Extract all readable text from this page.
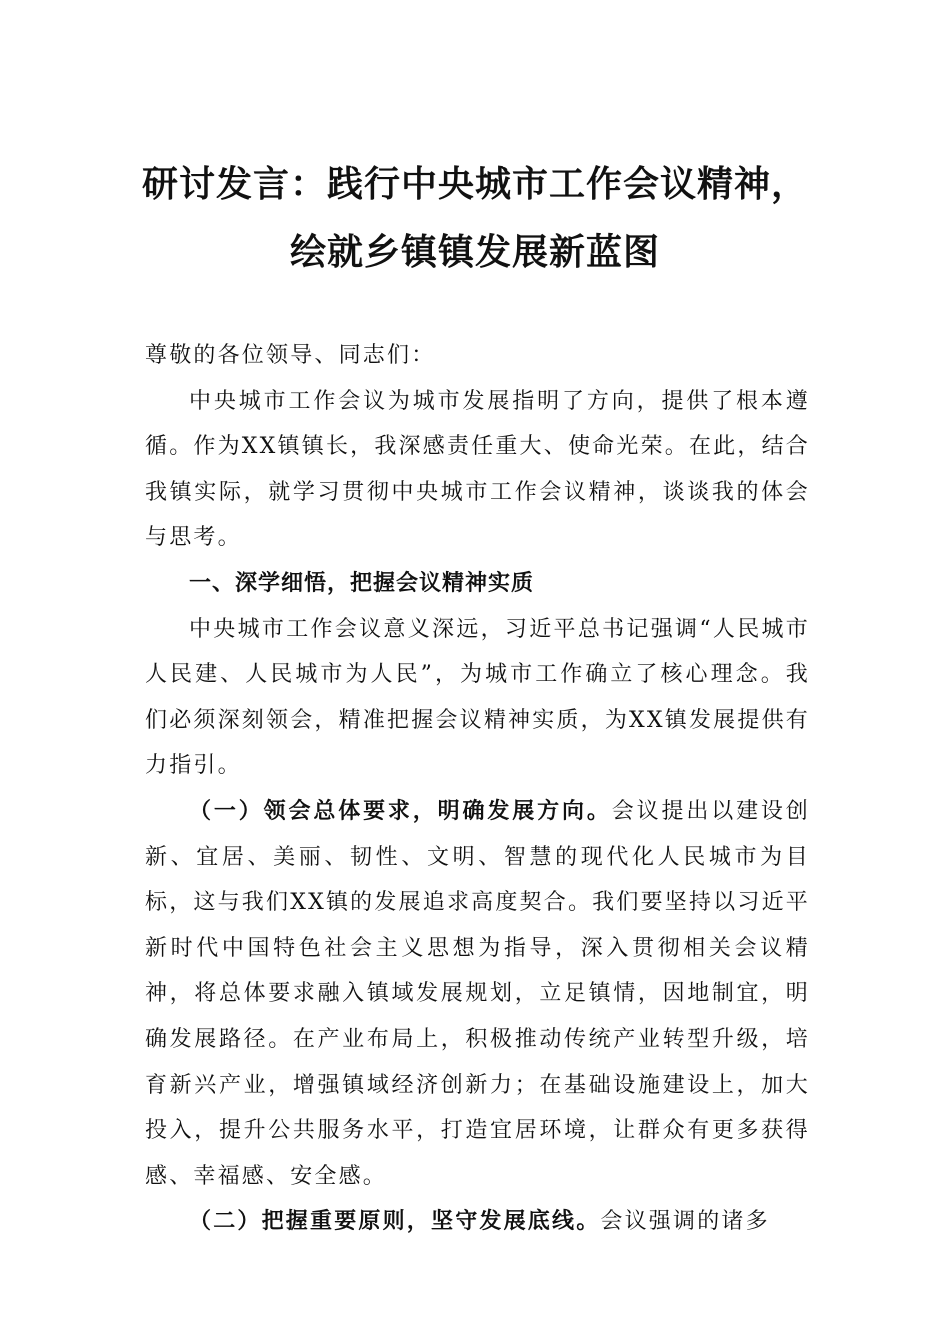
研讨发言：践行中央城市工作会议精神，
绘就乡镇镇发展新蓝图

尊敬的各位领导、同志们：

中央城市工作会议为城市发展指明了方向，提供了根本遵循。作为XX镇镇长，我深感责任重大、使命光荣。在此，结合我镇实际，就学习贯彻中央城市工作会议精神，谈谈我的体会与思考。

一、深学细悟，把握会议精神实质

中央城市工作会议意义深远，习近平总书记强调“人民城市人民建、人民城市为人民”，为城市工作确立了核心理念。我们必须深刻领会，精准把握会议精神实质，为XX镇发展提供有力指引。

（一）领会总体要求，明确发展方向。会议提出以建设创新、宜居、美丽、韧性、文明、智慧的现代化人民城市为目标，这与我们XX镇的发展追求高度契合。我们要坚持以习近平新时代中国特色社会主义思想为指导，深入贯彻相关会议精神，将总体要求融入镇域发展规划，立足镇情，因地制宜，明确发展路径。在产业布局上，积极推动传统产业转型升级，培育新兴产业，增强镇域经济创新力；在基础设施建设上，加大投入，提升公共服务水平，打造宜居环境，让群众有更多获得感、幸福感、安全感。

（二）把握重要原则，坚守发展底线。会议强调的诸多
